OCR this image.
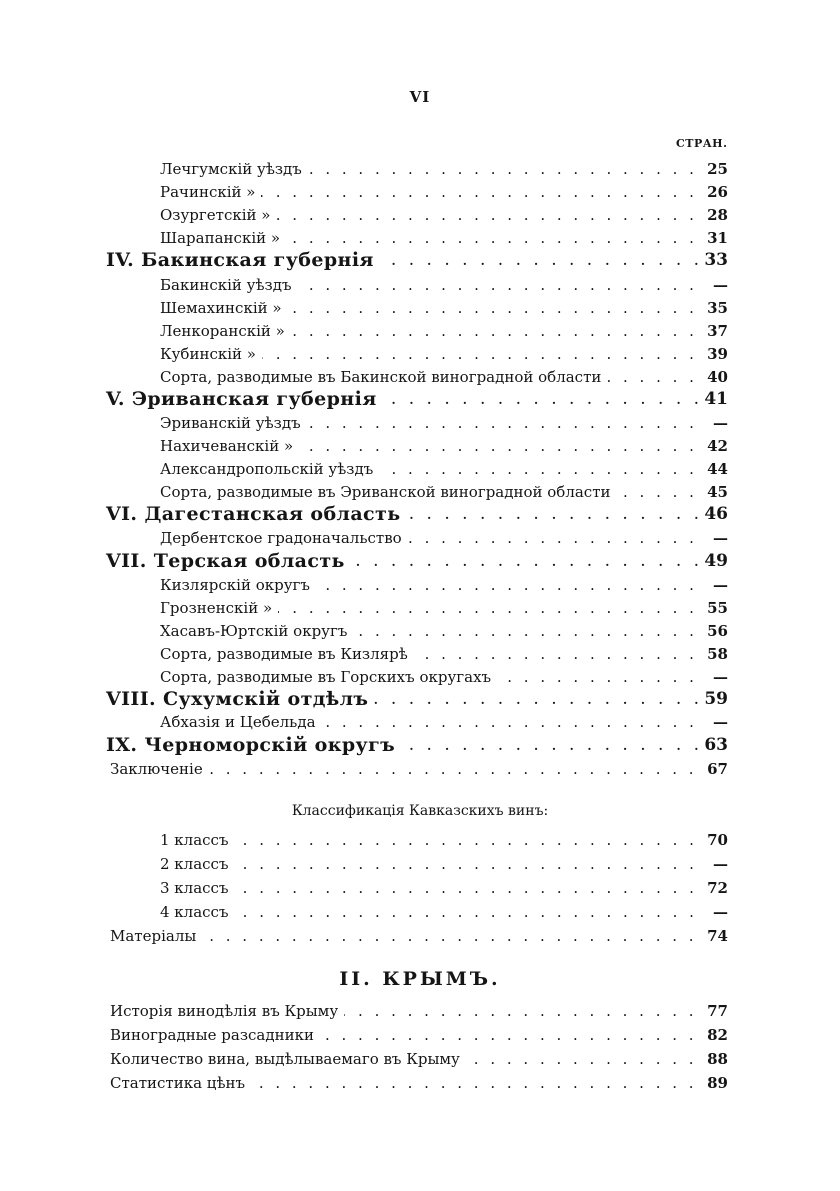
VI
СТРАН.
Лечгумскій уѣздъ . . .	25
Рачинскій » . . .	26
Озургетскій » . . .	28
Шарапанскій » . . .	31
IV. Бакинская губернія . . .	33
Бакинскій уѣздъ . . .	—
Шемахинскій » . . .	35
Ленкоранскій » . . .	37
Кубинскій » . . .	39
Сорта, разводимые въ Бакинской виноградной области . . .	40
V. Эриванская губернія . . .	41
Эриванскій уѣздъ . . .	—
Нахичеванскій » . . .	42
Александропольскій уѣздъ . . .	44
Сорта, разводимые въ Эриванской виноградной области . . .	45
VI. Дагестанская область . . .	46
Дербентское градоначальство . . .	—
VII. Терская область . . .	49
Кизлярскій округъ . . .	—
Грозненскій » . . .	55
Хасавъ-Юртскій округъ . . .	56
Сорта, разводимые въ Кизлярѣ . . .	58
Сорта, разводимые въ Горскихъ округахъ . . .	—
VIII. Сухумскій отдѣлъ . . .	59
Абхазія и Цебельда . . .	—
IX. Черноморскій округъ . . .	63
Заключеніе . . .	67
Классификація Кавказскихъ винъ:
1 классъ . . .	70
2 классъ . . .	—
3 классъ . . .	72
4 классъ . . .	—
Матеріалы . . .	74
II. КРЫМЪ.
Исторія винодѣлія въ Крыму . . .	77
Виноградные разсадники . . .	82
Количество вина, выдѣлываемаго въ Крыму . . .	88
Статистика цѣнъ . . .	89
